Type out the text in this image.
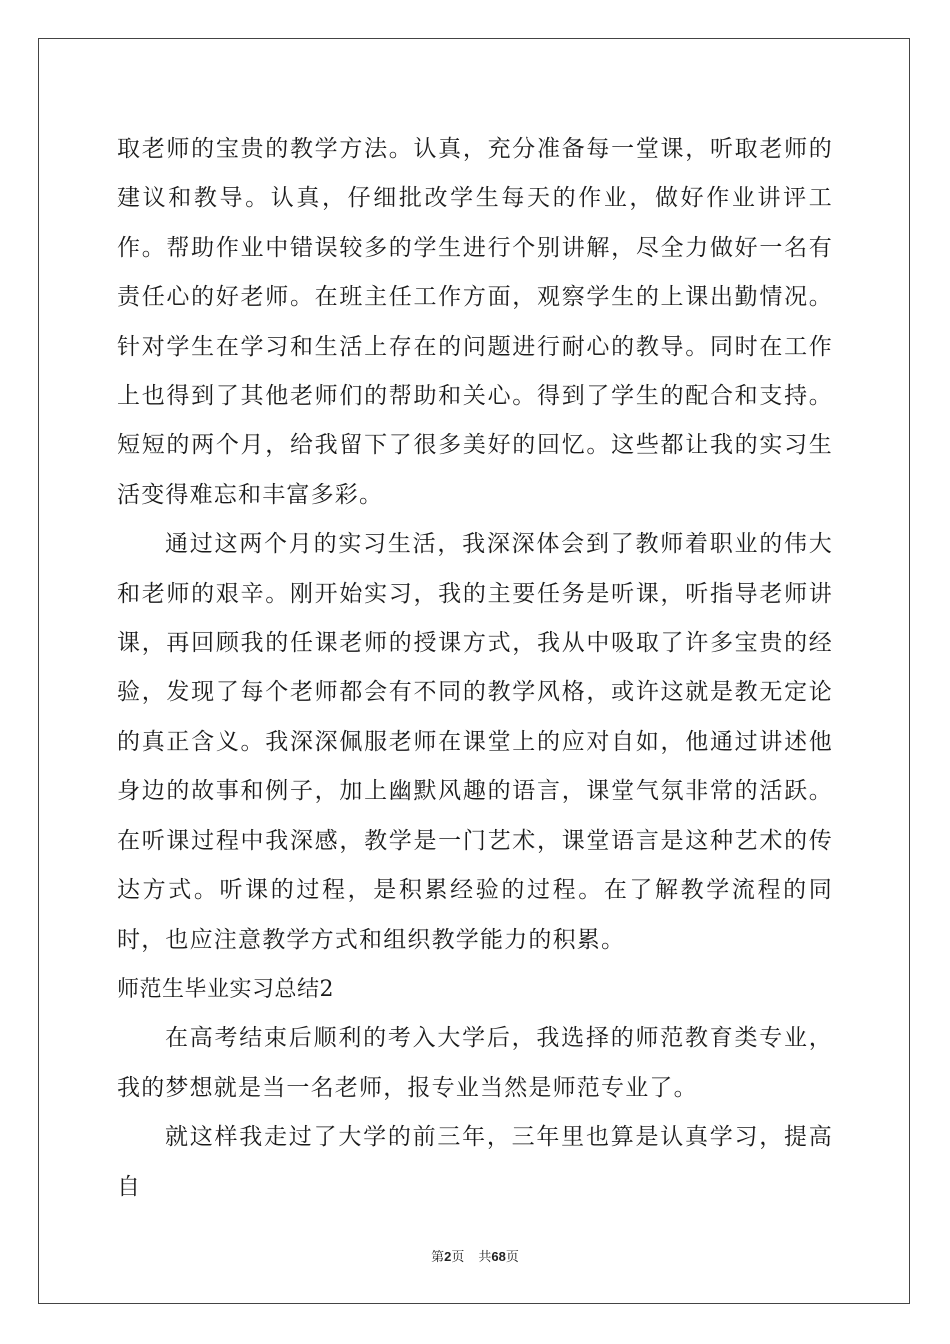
取老师的宝贵的教学方法。认真，充分准备每一堂课，听取老师的建议和教导。认真，仔细批改学生每天的作业，做好作业讲评工作。帮助作业中错误较多的学生进行个别讲解，尽全力做好一名有责任心的好老师。在班主任工作方面，观察学生的上课出勤情况。针对学生在学习和生活上存在的问题进行耐心的教导。同时在工作上也得到了其他老师们的帮助和关心。得到了学生的配合和支持。短短的两个月，给我留下了很多美好的回忆。这些都让我的实习生活变得难忘和丰富多彩。

通过这两个月的实习生活，我深深体会到了教师着职业的伟大和老师的艰辛。刚开始实习，我的主要任务是听课，听指导老师讲课，再回顾我的任课老师的授课方式，我从中吸取了许多宝贵的经验，发现了每个老师都会有不同的教学风格，或许这就是教无定论的真正含义。我深深佩服老师在课堂上的应对自如，他通过讲述他身边的故事和例子，加上幽默风趣的语言，课堂气氛非常的活跃。在听课过程中我深感，教学是一门艺术，课堂语言是这种艺术的传达方式。听课的过程，是积累经验的过程。在了解教学流程的同时，也应注意教学方式和组织教学能力的积累。

师范生毕业实习总结2

在高考结束后顺利的考入大学后，我选择的师范教育类专业，我的梦想就是当一名老师，报专业当然是师范专业了。

就这样我走过了大学的前三年，三年里也算是认真学习，提高自

第2页 共68页
